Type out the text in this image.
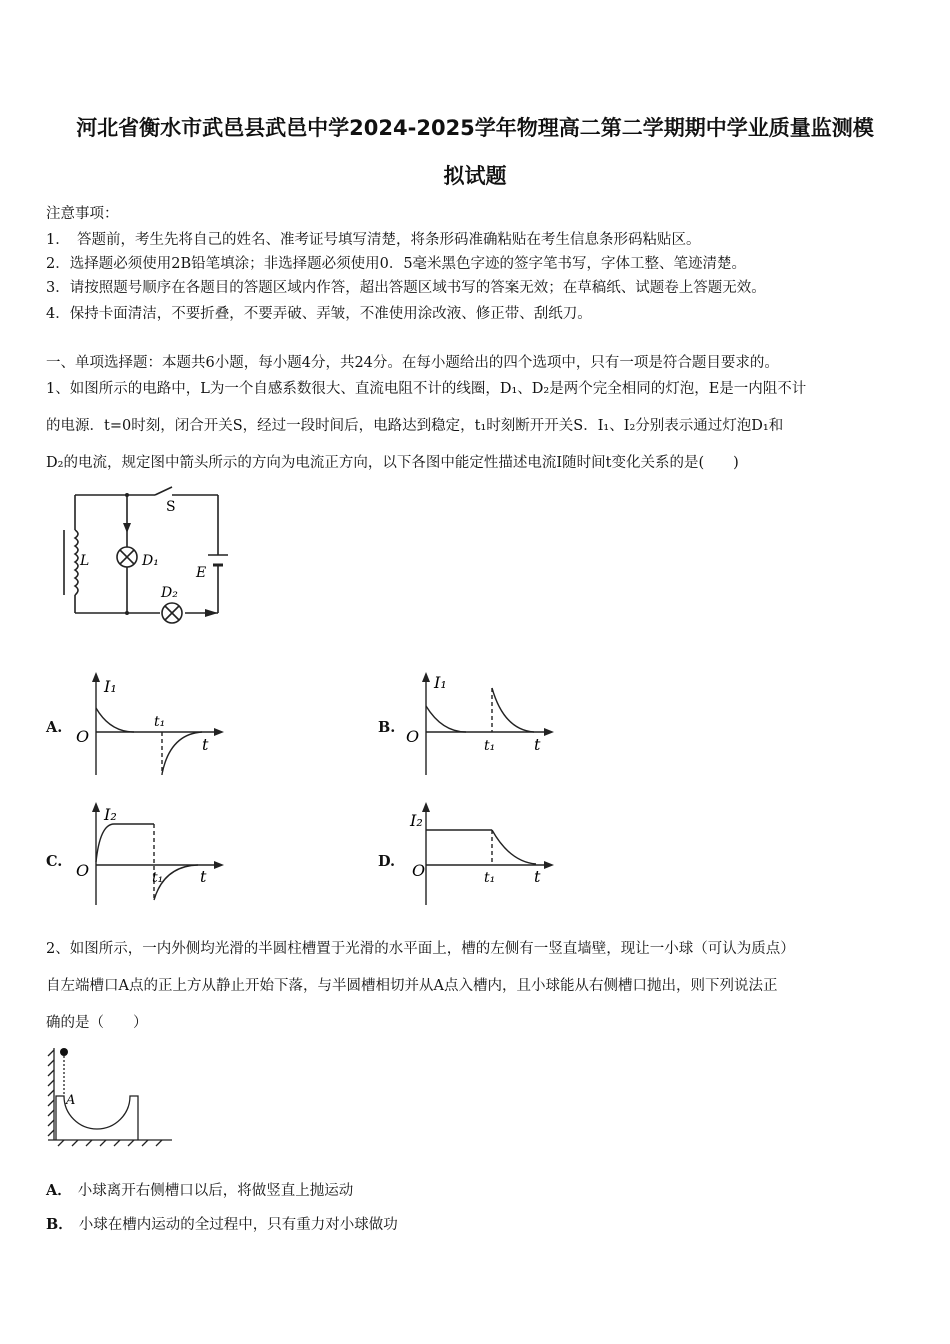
河北省衡水市武邑县武邑中学2024-2025学年物理高二第二学期期中学业质量监测模
拟试题
注意事项：
1．　答题前，考生先将自己的姓名、准考证号填写清楚，将条形码准确粘贴在考生信息条形码粘贴区。
2．选择题必须使用2B铅笔填涂；非选择题必须使用0．5毫米黑色字迹的签字笔书写，字体工整、笔迹清楚。
3．请按照题号顺序在各题目的答题区域内作答，超出答题区域书写的答案无效；在草稿纸、试题卷上答题无效。
4．保持卡面清洁，不要折叠，不要弄破、弄皱，不准使用涂改液、修正带、刮纸刀。
一、单项选择题：本题共6小题，每小题4分，共24分。在每小题给出的四个选项中，只有一项是符合题目要求的。
1、如图所示的电路中，L为一个自感系数很大、直流电阻不计的线圈，D₁、D₂是两个完全相同的灯泡，E是一内阻不计
的电源．t=0时刻，闭合开关S，经过一段时间后，电路达到稳定，t₁时刻断开开关S．I₁、I₂分别表示通过灯泡D₁和
D₂的电流，规定图中箭头所示的方向为电流正方向，以下各图中能定性描述电流I随时间t变化关系的是(　　)
S
L	D₁
D₂
E
A.
I₁
O
t₁
t
B.
I₁
O	t₁ t
C.
I₂
O	t₁ t
D.
I₂
O	t₁ t
2、如图所示，一内外侧均光滑的半圆柱槽置于光滑的水平面上，槽的左侧有一竖直墙壁，现让一小球（可认为质点）
自左端槽口A点的正上方从静止开始下落，与半圆槽相切并从A点入槽内，且小球能从右侧槽口抛出，则下列说法正
确的是（　　）
A
A． 小球离开右侧槽口以后，将做竖直上抛运动
B． 小球在槽内运动的全过程中，只有重力对小球做功
